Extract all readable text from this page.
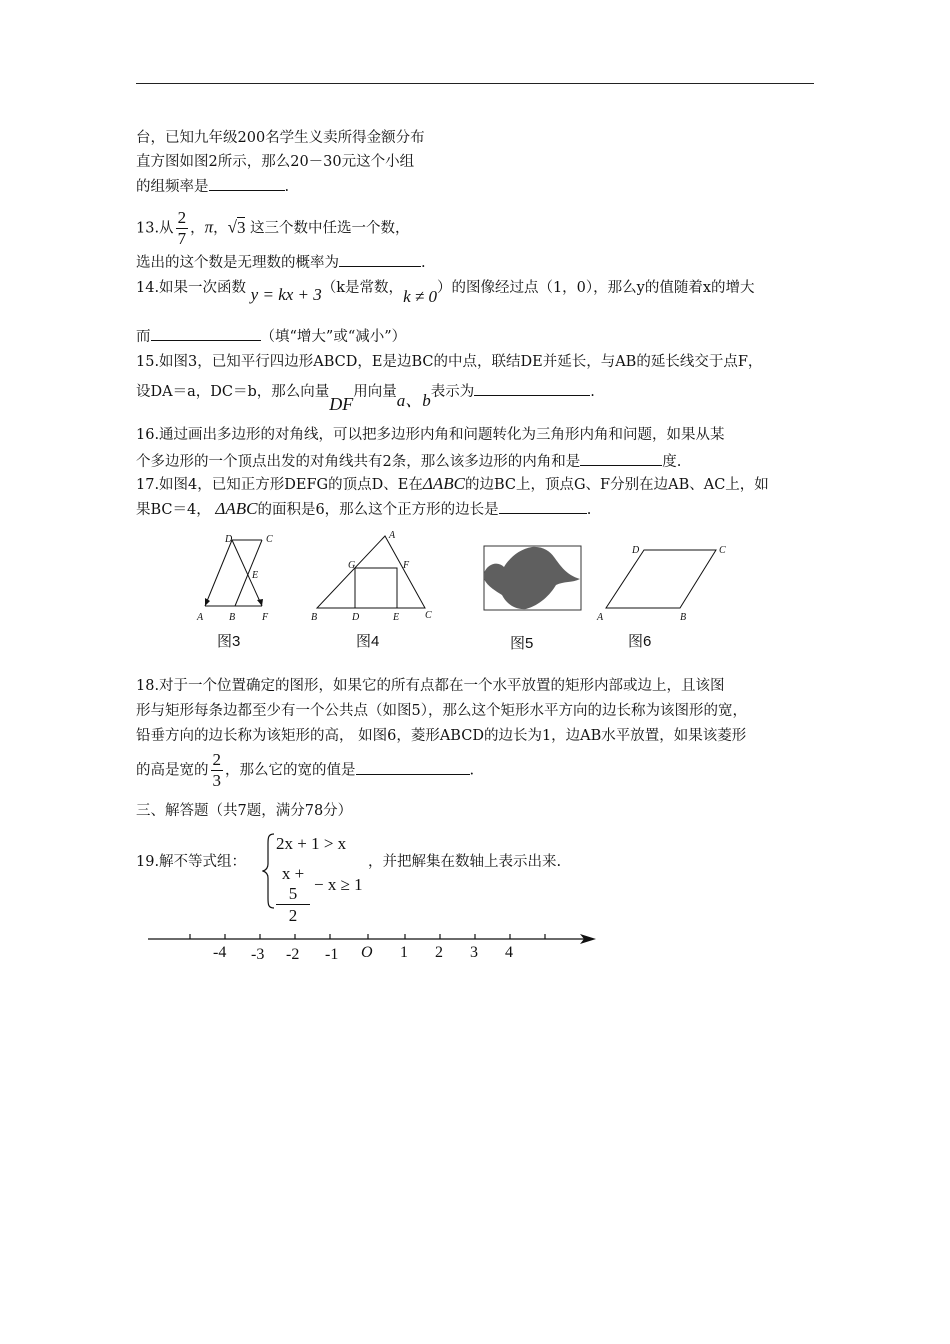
台，已知九年级200名学生义卖所得金额分布
直方图如图2所示，那么20－30元这个小组
的组频率是	.
13.从 $\frac{2}{7}$ ，π，√3 这三个数中任选一个数，
选出的这个数是无理数的概率为	.
14.如果一次函数 y = kx + 3（k是常数，k ≠ 0）的图像经过点（1，0），那么y的值随着x的增大
而	（填“增大”或“减小”）
15.如图3，已知平行四边形ABCD，E是边BC的中点，联结DE并延长，与AB的延长线交于点F，
设DA＝a，DC＝b，那么向量DF用向量a、b表示为	.
16.通过画出多边形的对角线，可以把多边形内角和问题转化为三角形内角和问题，如果从某
个多边形的一个顶点出发的对角线共有2条，那么该多边形的内角和是	度.
17.如图4，已知正方形DEFG的顶点D、E在ΔABC的边BC上，顶点G、F分别在边AB、AC上，如
果BC＝4， ΔABC的面积是6，那么这个正方形的边长是	.
D	C
E
A	B	F
图3
A
G	F
B	D	E	C
图4	图5
D	C
A	B
图6
18.对于一个位置确定的图形，如果它的所有点都在一个水平放置的矩形内部或边上，且该图
形与矩形每条边都至少有一个公共点（如图5），那么这个矩形水平方向的边长称为该图形的宽，
铅垂方向的边长称为该矩形的高， 如图6，菱形ABCD的边长为1，边AB水平放置，如果该菱形
的高是宽的 $\frac{2}{3}$ ，那么它的宽的值是	.
三、解答题（共7题，满分78分）
19.解不等式组：
2x + 1 > x
x + 5
2
− x ≥ 1
，并把解集在数轴上表示出来.
-4 -3 -2 -1 O 1 2 3 4
